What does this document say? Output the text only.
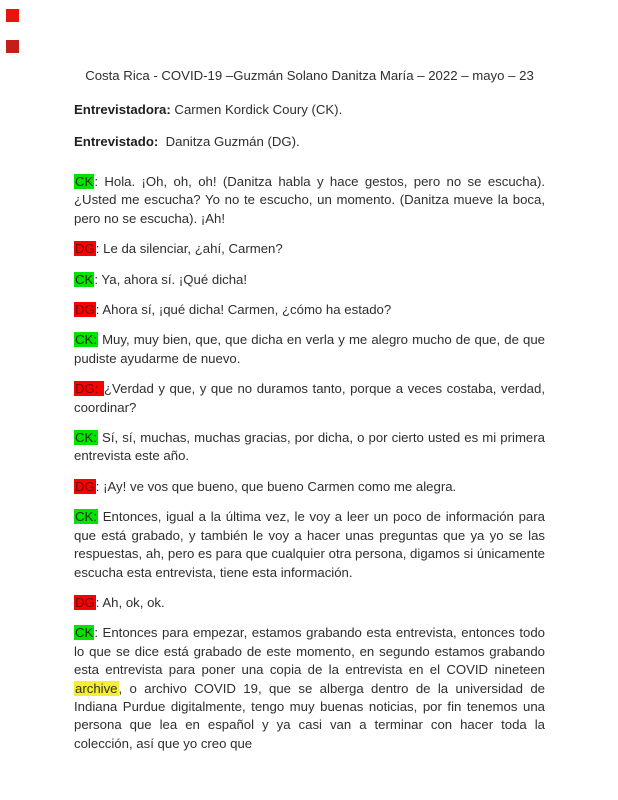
Costa Rica - COVID-19 –Guzmán Solano Danitza María – 2022 – mayo – 23

Entrevistadora: Carmen Kordick Coury (CK).

Entrevistado: Danitza Guzmán (DG).

CK: Hola. ¡Oh, oh, oh! (Danitza habla y hace gestos, pero no se escucha). ¿Usted me escucha? Yo no te escucho, un momento. (Danitza mueve la boca, pero no se escucha). ¡Ah!

DG: Le da silenciar, ¿ahí, Carmen?

CK: Ya, ahora sí. ¡Qué dicha!

DG: Ahora sí, ¡qué dicha! Carmen, ¿cómo ha estado?

CK: Muy, muy bien, que, que dicha en verla y me alegro mucho de que, de que pudiste ayudarme de nuevo.

DG: ¿Verdad y que, y que no duramos tanto, porque a veces costaba, verdad, coordinar?

CK: Sí, sí, muchas, muchas gracias, por dicha, o por cierto usted es mi primera entrevista este año.

DG: ¡Ay! ve vos que bueno, que bueno Carmen como me alegra.

CK: Entonces, igual a la última vez, le voy a leer un poco de información para que está grabado, y también le voy a hacer unas preguntas que ya yo se las respuestas, ah, pero es para que cualquier otra persona, digamos si únicamente escucha esta entrevista, tiene esta información.

DG: Ah, ok, ok.

CK: Entonces para empezar, estamos grabando esta entrevista, entonces todo lo que se dice está grabado de este momento, en segundo estamos grabando esta entrevista para poner una copia de la entrevista en el COVID nineteen archive, o archivo COVID 19, que se alberga dentro de la universidad de Indiana Purdue digitalmente, tengo muy buenas noticias, por fin tenemos una persona que lea en español y ya casi van a terminar con hacer toda la colección, así que yo creo que
